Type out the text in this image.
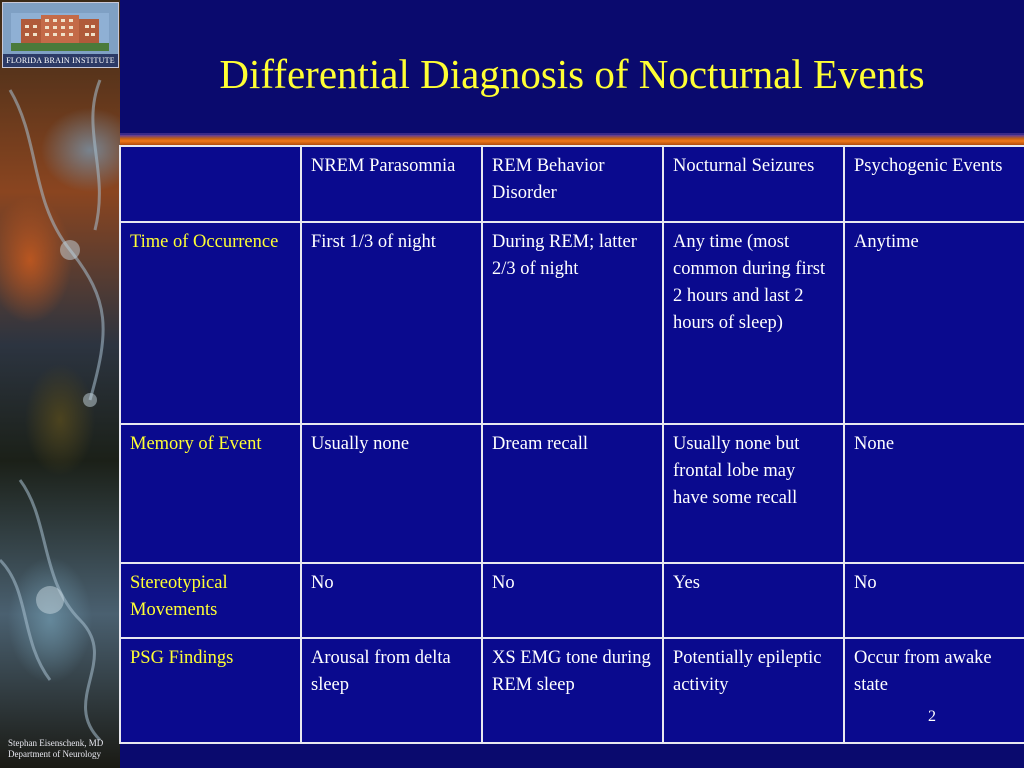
FLORIDA BRAIN INSTITUTE
Stephan Eisenschenk, MD
Department of Neurology
Differential Diagnosis of Nocturnal Events
	NREM Parasomnia	REM Behavior Disorder	Nocturnal Seizures	Psychogenic Events
Time of Occurrence	First 1/3 of night	During REM; latter 2/3 of night	Any time (most common during first 2 hours and last 2 hours of sleep)	Anytime
Memory of Event	Usually none	Dream recall	Usually none but frontal lobe may have some recall	None
Stereotypical Movements	No	No	Yes	No
PSG Findings	Arousal from delta sleep	XS EMG tone during REM sleep	Potentially epileptic activity	Occur from awake state
2
